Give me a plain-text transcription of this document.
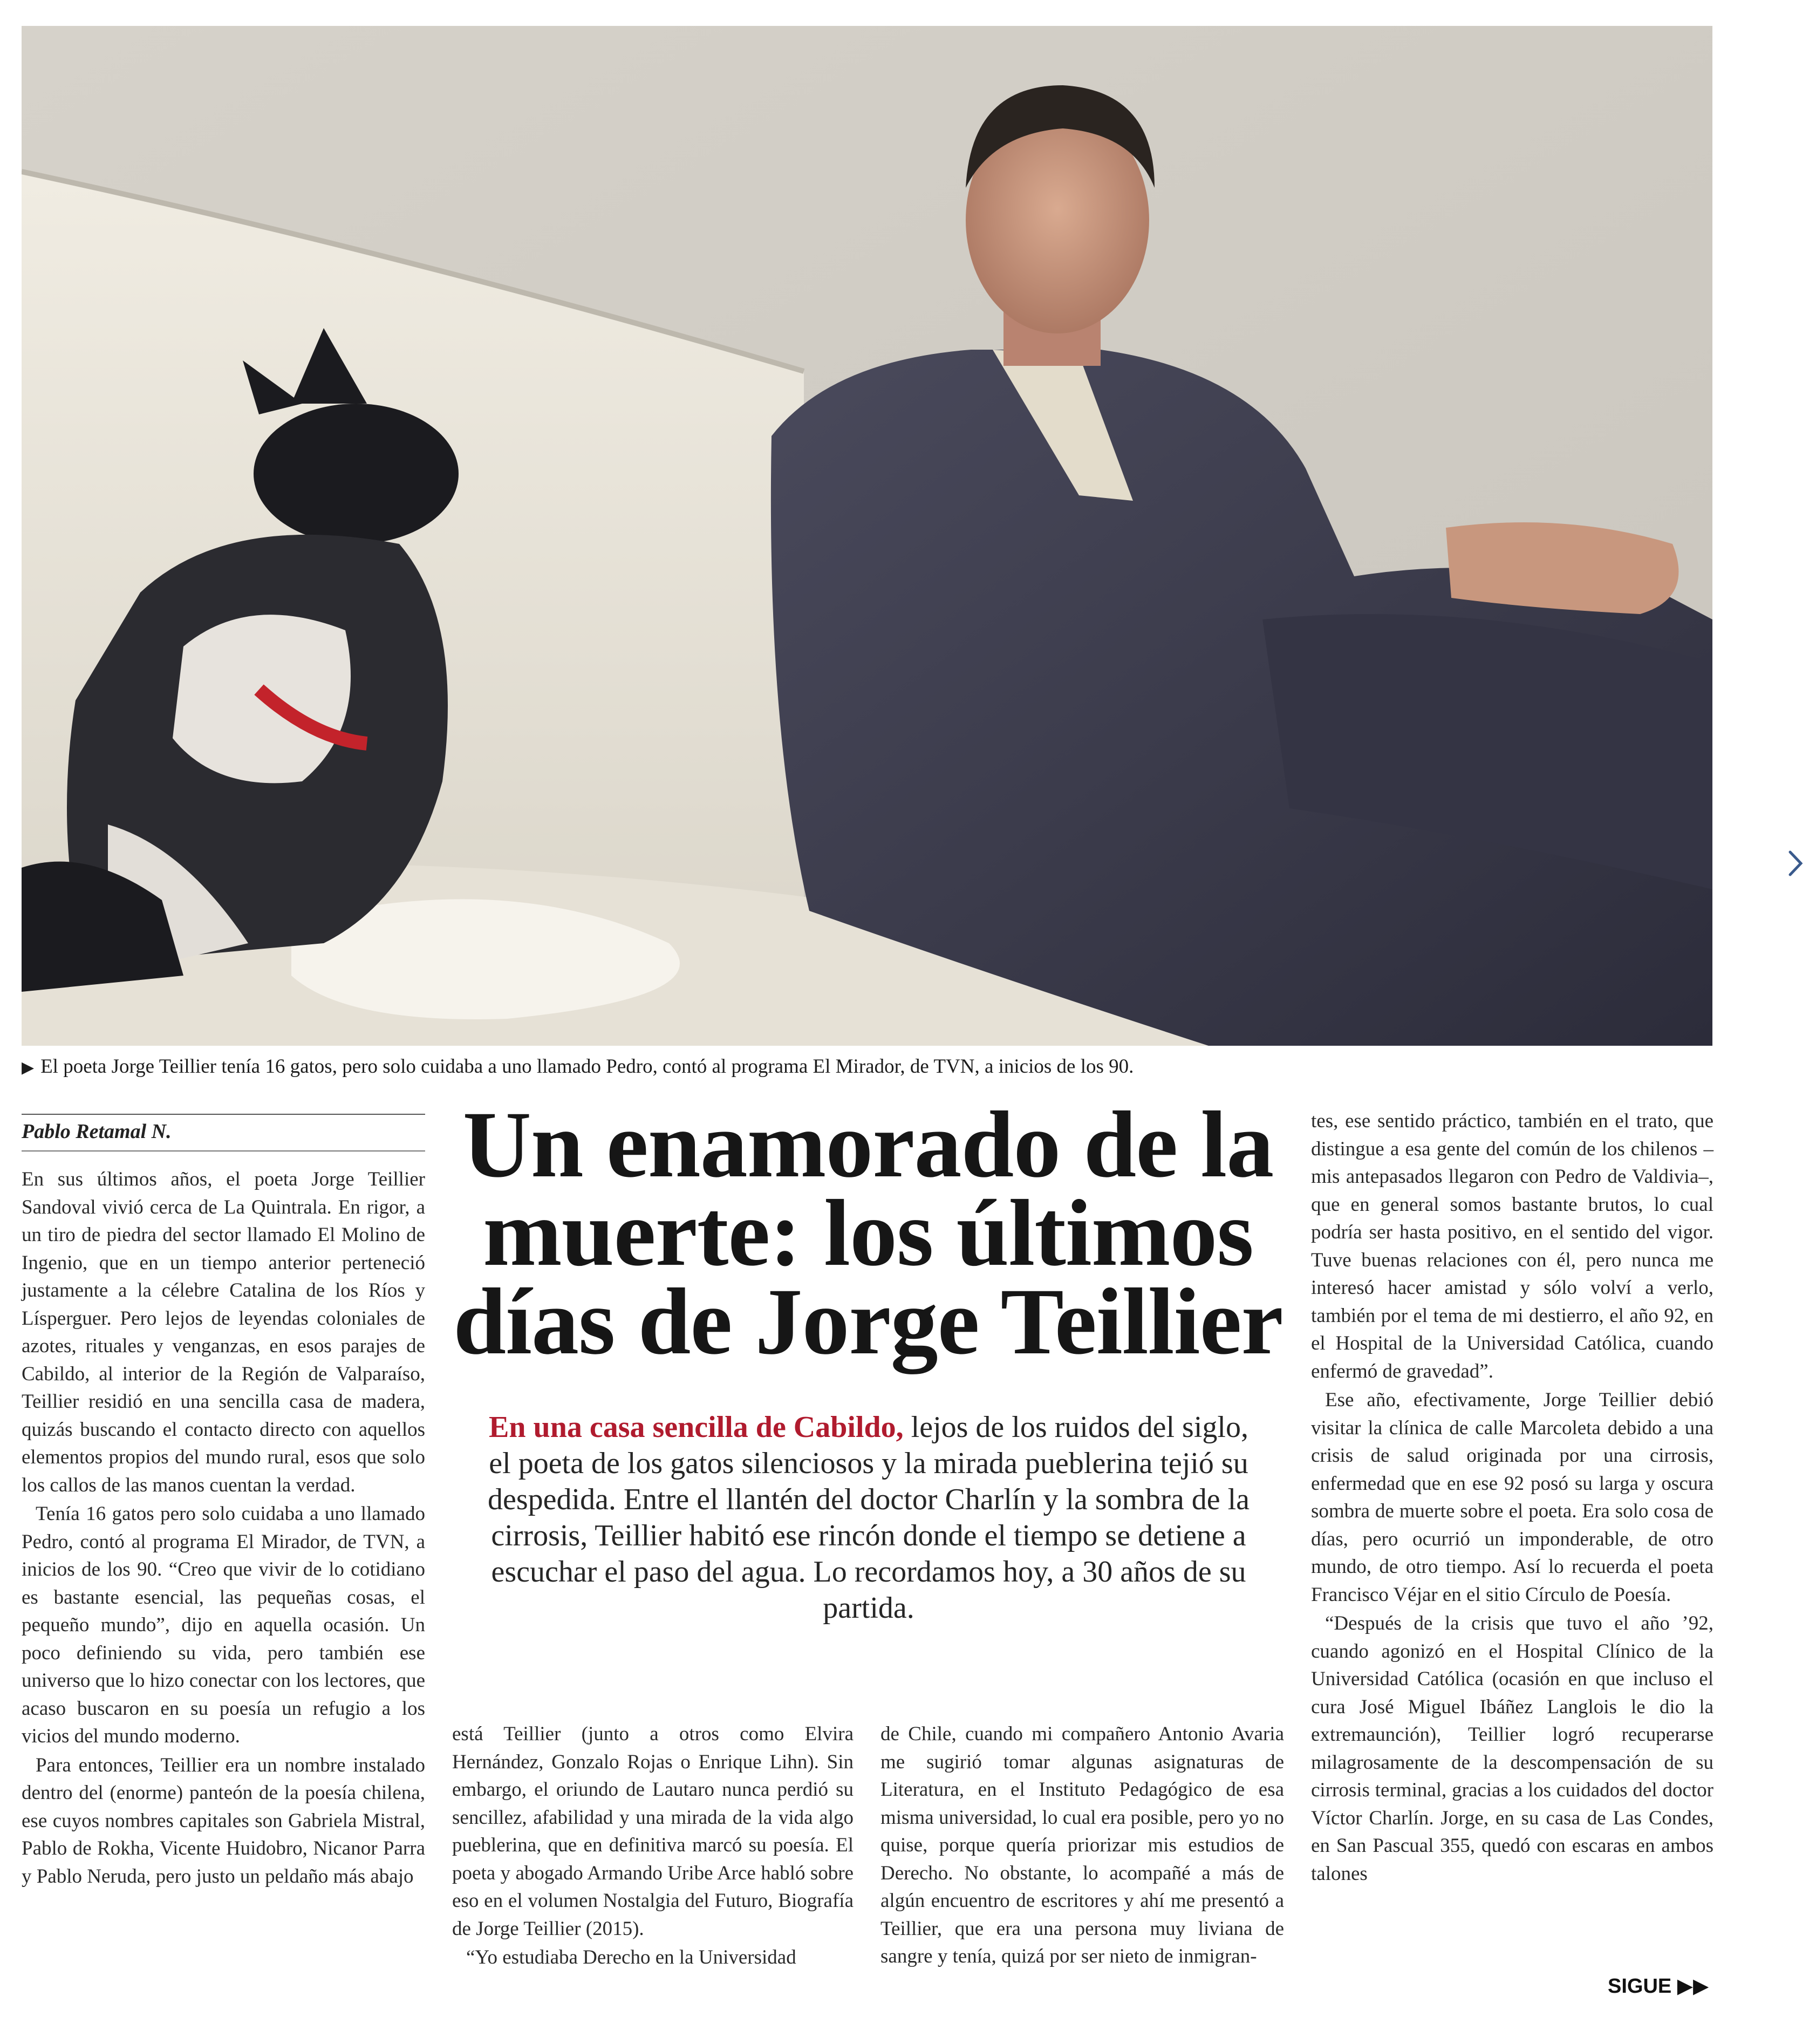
▶ El poeta Jorge Teillier tenía 16 gatos, pero solo cuidaba a uno llamado Pedro, contó al programa El Mirador, de TVN, a inicios de los 90.
Pablo Retamal N.

En sus últimos años, el poeta Jorge Teillier Sandoval vivió cerca de La Quintrala. En rigor, a un tiro de piedra del sector llamado El Molino de Ingenio, que en un tiempo anterior perteneció justamente a la célebre Catalina de los Ríos y Lísperguer. Pero lejos de leyendas coloniales de azotes, rituales y venganzas, en esos parajes de Cabildo, al interior de la Región de Valparaíso, Teillier residió en una sencilla casa de madera, quizás buscando el contacto directo con aquellos elementos propios del mundo rural, esos que solo los callos de las manos cuentan la verdad.

Tenía 16 gatos pero solo cuidaba a uno llamado Pedro, contó al programa El Mirador, de TVN, a inicios de los 90. “Creo que vivir de lo cotidiano es bastante esencial, las pequeñas cosas, el pequeño mundo”, dijo en aquella ocasión. Un poco definiendo su vida, pero también ese universo que lo hizo conectar con los lectores, que acaso buscaron en su poesía un refugio a los vicios del mundo moderno.

Para entonces, Teillier era un nombre instalado dentro del (enorme) panteón de la poesía chilena, ese cuyos nombres capitales son Gabriela Mistral, Pablo de Rokha, Vicente Huidobro, Nicanor Parra y Pablo Neruda, pero justo un peldaño más abajo

Un enamorado de la muerte: los últimos días de Jorge Teillier
En una casa sencilla de Cabildo, lejos de los ruidos del siglo, el poeta de los gatos silenciosos y la mirada pueblerina tejió su despedida. Entre el llantén del doctor Charlín y la sombra de la cirrosis, Teillier habitó ese rincón donde el tiempo se detiene a escuchar el paso del agua. Lo recordamos hoy, a 30 años de su partida.

está Teillier (junto a otros como Elvira Hernández, Gonzalo Rojas o Enrique Lihn). Sin embargo, el oriundo de Lautaro nunca perdió su sencillez, afabilidad y una mirada de la vida algo pueblerina, que en definitiva marcó su poesía. El poeta y abogado Armando Uribe Arce habló sobre eso en el volumen Nostalgia del Futuro, Biografía de Jorge Teillier (2015).

“Yo estudiaba Derecho en la Universidad

de Chile, cuando mi compañero Antonio Avaria me sugirió tomar algunas asignaturas de Literatura, en el Instituto Pedagógico de esa misma universidad, lo cual era posible, pero yo no quise, porque quería priorizar mis estudios de Derecho. No obstante, lo acompañé a más de algún encuentro de escritores y ahí me presentó a Teillier, que era una persona muy liviana de sangre y tenía, quizá por ser nieto de inmigran-

tes, ese sentido práctico, también en el trato, que distingue a esa gente del común de los chilenos –mis antepasados llegaron con Pedro de Valdivia–, que en general somos bastante brutos, lo cual podría ser hasta positivo, en el sentido del vigor. Tuve buenas relaciones con él, pero nunca me interesó hacer amistad y sólo volví a verlo, también por el tema de mi destierro, el año 92, en el Hospital de la Universidad Católica, cuando enfermó de gravedad”.

Ese año, efectivamente, Jorge Teillier debió visitar la clínica de calle Marcoleta debido a una crisis de salud originada por una cirrosis, enfermedad que en ese 92 posó su larga y oscura sombra de muerte sobre el poeta. Era solo cosa de días, pero ocurrió un imponderable, de otro mundo, de otro tiempo. Así lo recuerda el poeta Francisco Véjar en el sitio Círculo de Poesía.

“Después de la crisis que tuvo el año ’92, cuando agonizó en el Hospital Clínico de la Universidad Católica (ocasión en que incluso el cura José Miguel Ibáñez Langlois le dio la extremaunción), Teillier logró recuperarse milagrosamente de la descompensación de su cirrosis terminal, gracias a los cuidados del doctor Víctor Charlín. Jorge, en su casa de Las Condes, en San Pascual 355, quedó con escaras en ambos talones

SIGUE ▶▶
